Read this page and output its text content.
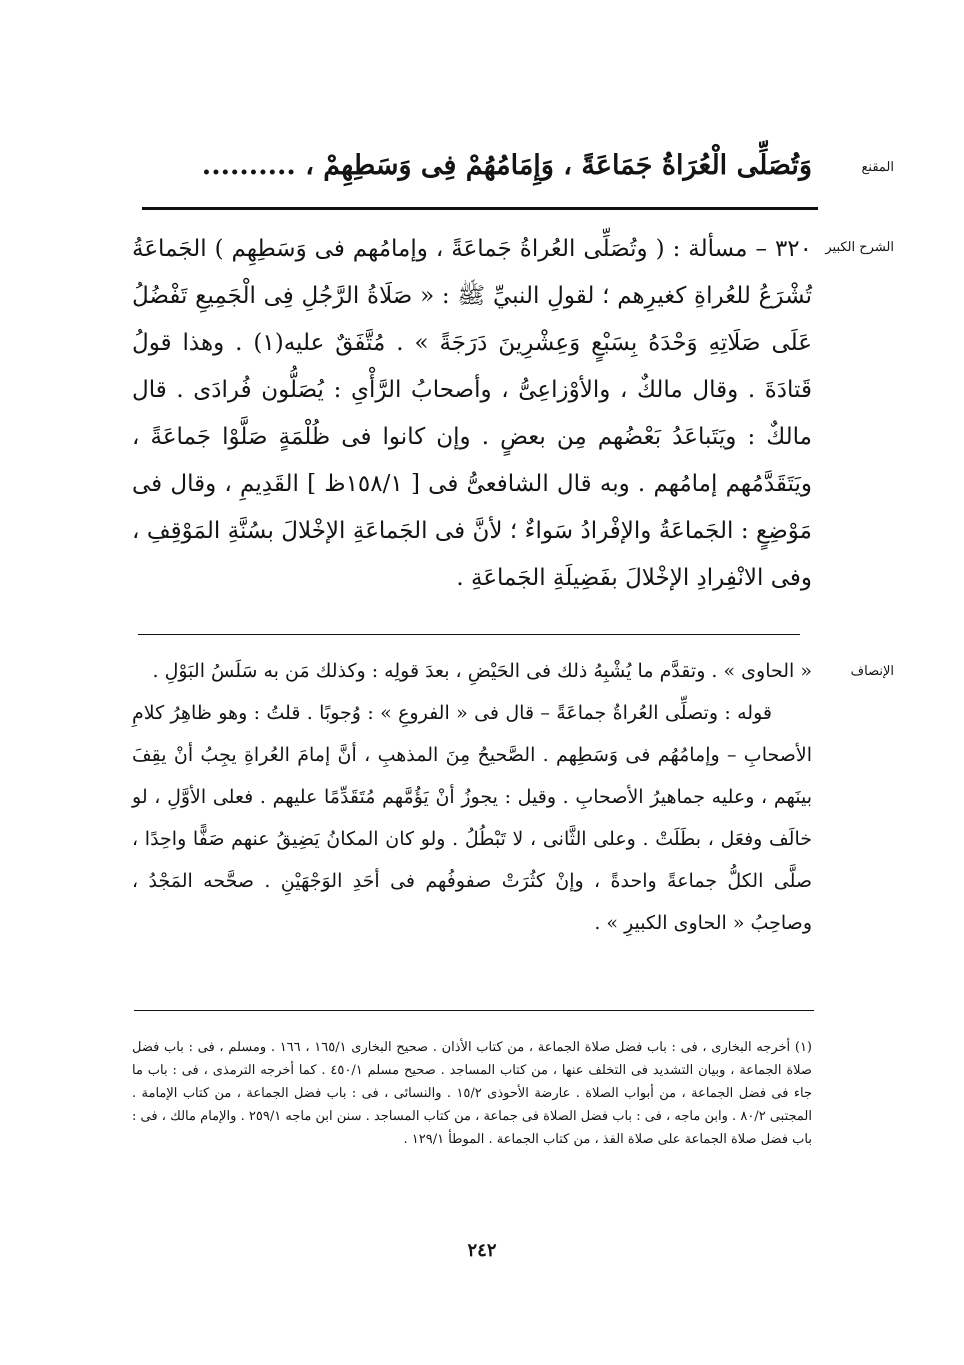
المقنع
وَتُصَلِّى الْعُرَاةُ جَمَاعَةً ، وَإِمَامُهُمْ فِى وَسَطِهِمْ ، ..........
الشرح الكبير

٣٢٠ – مسألة : ( وتُصَلِّى العُراةُ جَماعَةً ، وإمامُهم فى وَسَطِهِم ) الجَماعَةُ تُشْرَعُ للعُراةِ كغيرِهم ؛ لقولِ النبيِّ ﷺ : « صَلَاةُ الرَّجُلِ فِى الْجَمِيعِ تَفْضُلُ عَلَى صَلَاتِهِ وَحْدَهُ بِسَبْعٍ وَعِشْرِينَ دَرَجَةً » . مُتَّفَقٌ عليه(١) . وهذا قولُ قَتادَةَ . وقال مالكٌ ، والأوْزاعِىُّ ، وأصحابُ الرَّأْىِ : يُصَلُّون فُرادَى . قال مالكٌ : ويَتَباعَدُ بَعْضُهم مِن بعضٍ . وإن كانوا فى ظُلْمَةٍ صَلَّوْا جَماعَةً ، ويَتَقَدَّمُهم إمامُهم . وبه قال الشافعىُّ فى [ ١٥٨/١ظ ] القَدِيمِ ، وقال فى مَوْضِعٍ : الجَماعَةُ والإفْرادُ سَواءٌ ؛ لأنَّ فى الجَماعَةِ الإخْلالَ بسُنَّةِ المَوْقِفِ ، وفى الانْفِرادِ الإخْلالَ بفَضِيلَةِ الجَماعَةِ .

الإنصاف

« الحاوى » . وتقدَّم ما يُشْبِهُ ذلك فى الحَيْضِ ، بعدَ قولِه : وكذلك مَن به سَلَسُ البَوْلِ .

قوله : وتصلِّى العُراةُ جماعَةً – قال فى « الفروعِ » : وُجوبًا . قلتُ : وهو ظاهِرُ كلامِ الأصحابِ – وإمامُهُم فى وَسَطِهم . الصَّحيحُ مِنَ المذهبِ ، أنَّ إمامَ العُراةِ يجِبُ أنْ يقِفَ بينَهم ، وعليه جماهيرُ الأصحابِ . وقيل : يجوزُ أنْ يَؤُمَّهم مُتَقَدِّمًا عليهم . فعلى الأوَّلِ ، لو خالَف وفعَل ، بطَلَتْ . وعلى الثَّانى ، لا تَبْطُلُ . ولو كان المكانُ يَضِيقُ عنهم صَفًّا واحِدًا ، صلَّى الكلُّ جماعةً واحدةً ، وإنْ كثُرَتْ صفوفُهم فى أحَدِ الوَجْهَيْنِ . صحَّحه المَجْدُ ، وصاحِبُ « الحاوى الكبيرِ » .

(١) أخرجه البخارى ، فى : باب فضل صلاة الجماعة ، من كتاب الأذان . صحيح البخارى ١٦٥/١ ، ١٦٦ . ومسلم ، فى : باب فضل صلاة الجماعة ، وبيان التشديد فى التخلف عنها ، من كتاب المساجد . صحيح مسلم ٤٥٠/١ . كما أخرجه الترمذى ، فى : باب ما جاء فى فضل الجماعة ، من أبواب الصلاة . عارضة الأحوذى ١٥/٢ . والنسائى ، فى : باب فضل الجماعة ، من كتاب الإمامة . المجتبى ٨٠/٢ . وابن ماجه ، فى : باب فضل الصلاة فى جماعة ، من كتاب المساجد . سنن ابن ماجه ٢٥٩/١ . والإمام مالك ، فى : باب فضل صلاة الجماعة على صلاة الفذ ، من كتاب الجماعة . الموطأ ١٢٩/١ .

٢٤٢
